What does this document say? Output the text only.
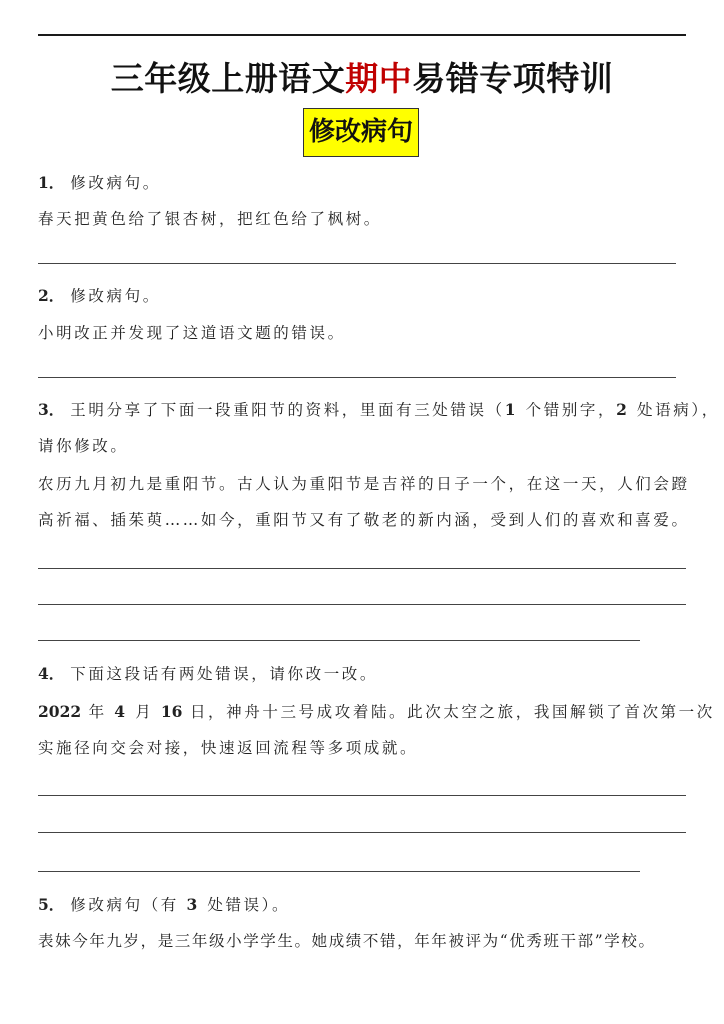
三年级上册语文期中易错专项特训
修改病句
1． 修改病句。
春天把黄色给了银杏树，把红色给了枫树。
2． 修改病句。
小明改正并发现了这道语文题的错误。
3． 王明分享了下面一段重阳节的资料，里面有三处错误（1 个错别字，2 处语病），
请你修改。
农历九月初九是重阳节。古人认为重阳节是吉祥的日子一个，在这一天，人们会蹬
高祈福、插茱萸……如今，重阳节又有了敬老的新内涵，受到人们的喜欢和喜爱。
4． 下面这段话有两处错误，请你改一改。
2022 年 4 月 16 日，神舟十三号成攻着陆。此次太空之旅，我国解锁了首次第一次
实施径向交会对接，快速返回流程等多项成就。
5． 修改病句（有 3 处错误）。
表妹今年九岁，是三年级小学学生。她成绩不错，年年被评为“优秀班干部”学校。
